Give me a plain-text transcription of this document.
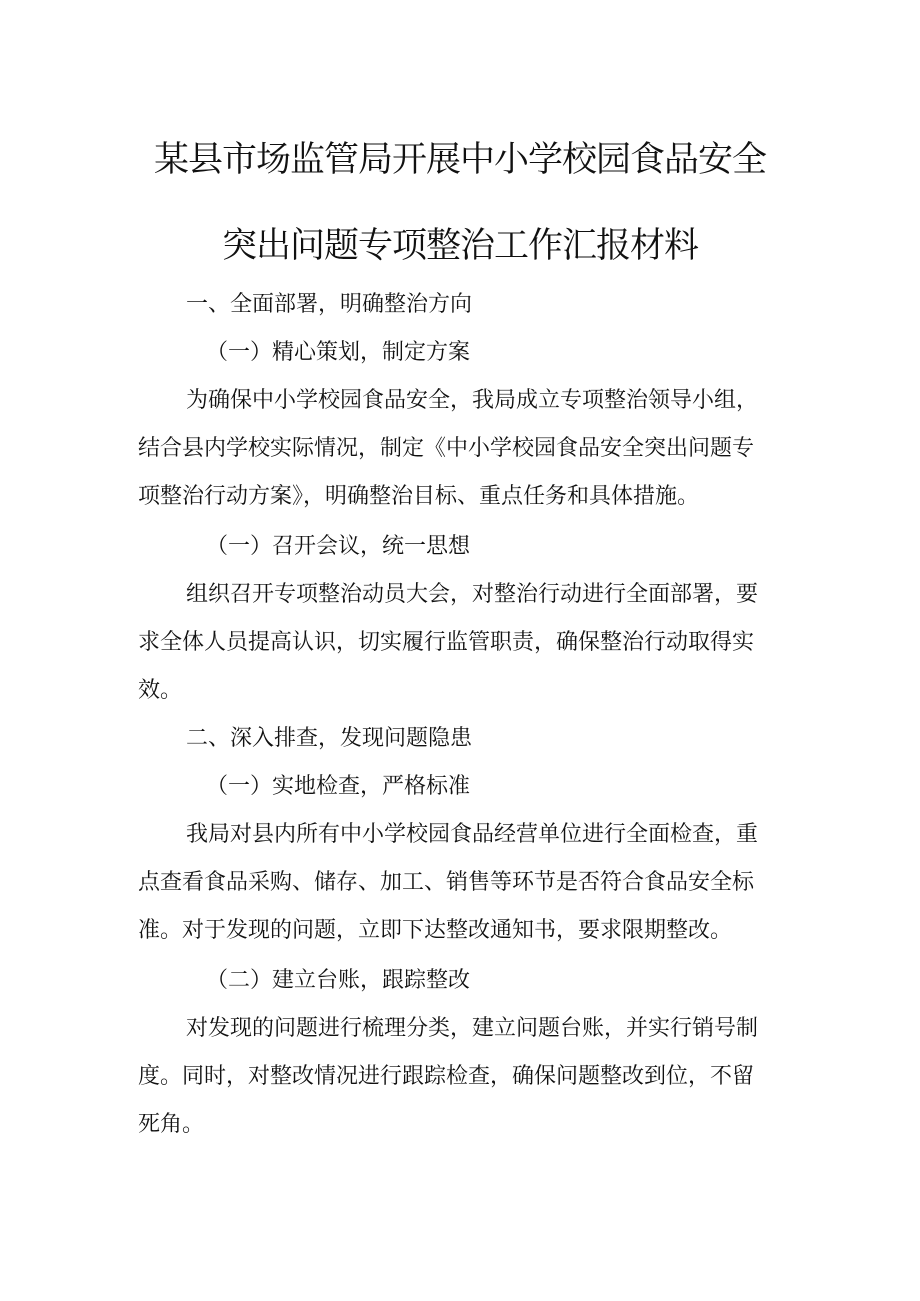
某县市场监管局开展中小学校园食品安全
突出问题专项整治工作汇报材料
一、全面部署，明确整治方向
（一）精心策划，制定方案
为确保中小学校园食品安全，我局成立专项整治领导小组，
结合县内学校实际情况，制定《中小学校园食品安全突出问题专
项整治行动方案》，明确整治目标、重点任务和具体措施。
（一）召开会议，统一思想
组织召开专项整治动员大会，对整治行动进行全面部署，要
求全体人员提高认识，切实履行监管职责，确保整治行动取得实
效。
二、深入排查，发现问题隐患
（一）实地检查，严格标准
我局对县内所有中小学校园食品经营单位进行全面检查，重
点查看食品采购、储存、加工、销售等环节是否符合食品安全标
准。对于发现的问题，立即下达整改通知书，要求限期整改。
（二）建立台账，跟踪整改
对发现的问题进行梳理分类，建立问题台账，并实行销号制
度。同时，对整改情况进行跟踪检查，确保问题整改到位，不留
死角。
